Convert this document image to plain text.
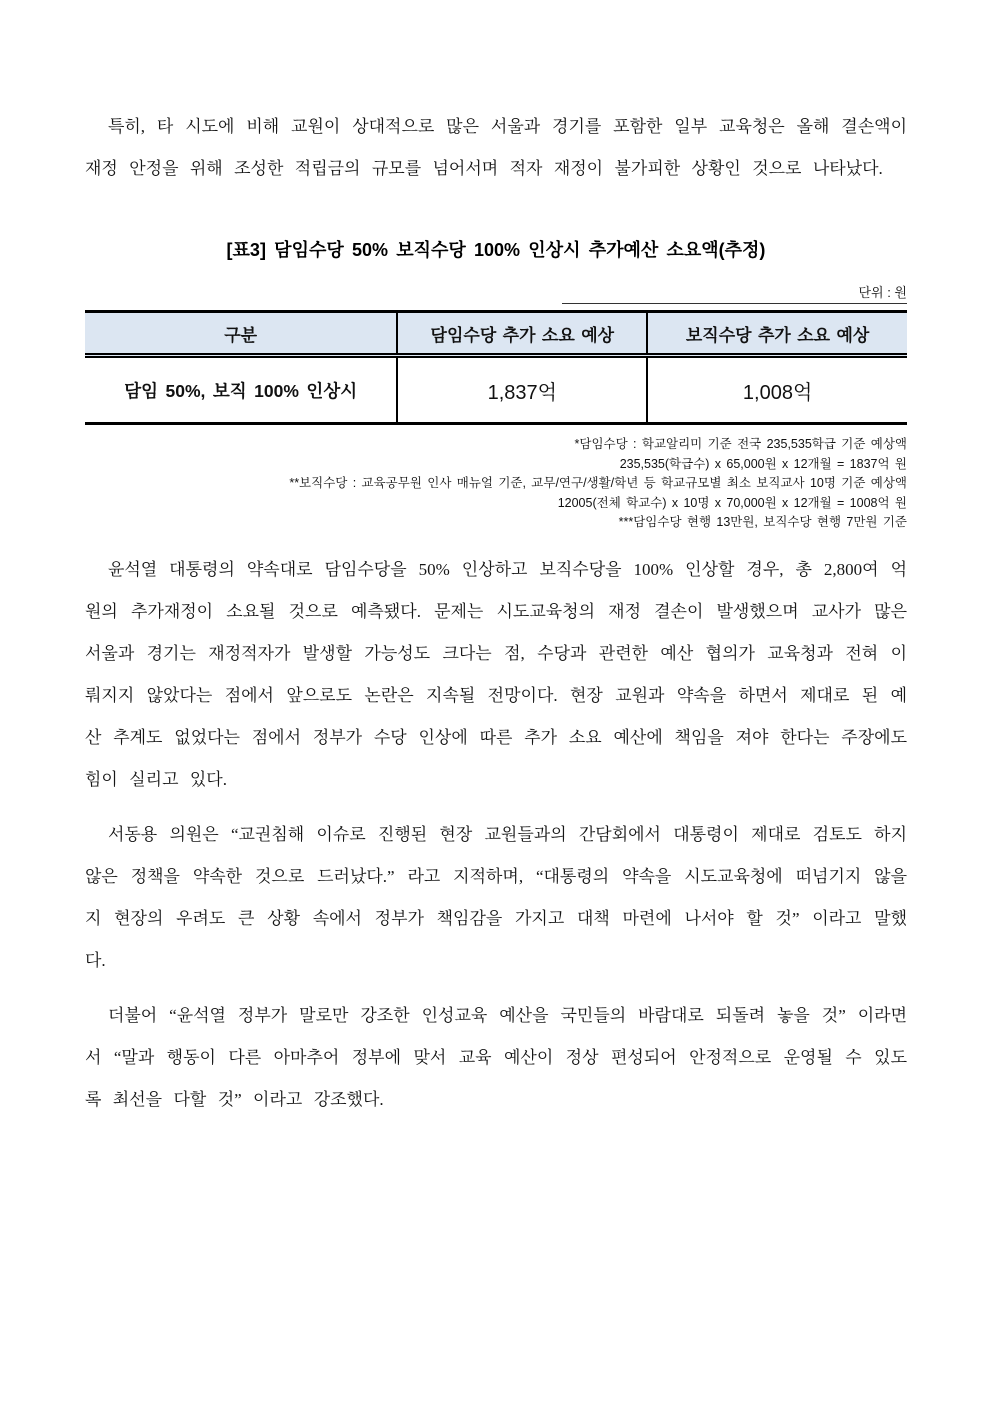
특히, 타 시도에 비해 교원이 상대적으로 많은 서울과 경기를 포함한 일부 교육청은 올해 결손액이 재정 안정을 위해 조성한 적립금의 규모를 넘어서며 적자 재정이 불가피한 상황인 것으로 나타났다.

[표3] 담임수당 50% 보직수당 100% 인상시 추가예산 소요액(추정)
단위 : 원
구분	담임수당 추가 소요 예상	보직수당 추가 소요 예상
담임 50%, 보직 100% 인상시	1,837억	1,008억
*담임수당 : 학교알리미 기준 전국 235,535학급 기준 예상액
235,535(학급수) x 65,000원 x 12개월 = 1837억 원
**보직수당 : 교육공무원 인사 매뉴얼 기준, 교무/연구/생활/학년 등 학교규모별 최소 보직교사 10명 기준 예상액
12005(전체 학교수) x 10명 x 70,000원 x 12개월 = 1008억 원
***담임수당 현행 13만원, 보직수당 현행 7만원 기준

윤석열 대통령의 약속대로 담임수당을 50% 인상하고 보직수당을 100% 인상할 경우, 총 2,800여 억 원의 추가재정이 소요될 것으로 예측됐다. 문제는 시도교육청의 재정 결손이 발생했으며 교사가 많은 서울과 경기는 재정적자가 발생할 가능성도 크다는 점, 수당과 관련한 예산 협의가 교육청과 전혀 이뤄지지 않았다는 점에서 앞으로도 논란은 지속될 전망이다. 현장 교원과 약속을 하면서 제대로 된 예산 추계도 없었다는 점에서 정부가 수당 인상에 따른 추가 소요 예산에 책임을 져야 한다는 주장에도 힘이 실리고 있다.

서동용 의원은 “교권침해 이슈로 진행된 현장 교원들과의 간담회에서 대통령이 제대로 검토도 하지 않은 정책을 약속한 것으로 드러났다.” 라고 지적하며, “대통령의 약속을 시도교육청에 떠넘기지 않을지 현장의 우려도 큰 상황 속에서 정부가 책임감을 가지고 대책 마련에 나서야 할 것” 이라고 말했다.

더불어 “윤석열 정부가 말로만 강조한 인성교육 예산을 국민들의 바람대로 되돌려 놓을 것” 이라면서 “말과 행동이 다른 아마추어 정부에 맞서 교육 예산이 정상 편성되어 안정적으로 운영될 수 있도록 최선을 다할 것” 이라고 강조했다.
